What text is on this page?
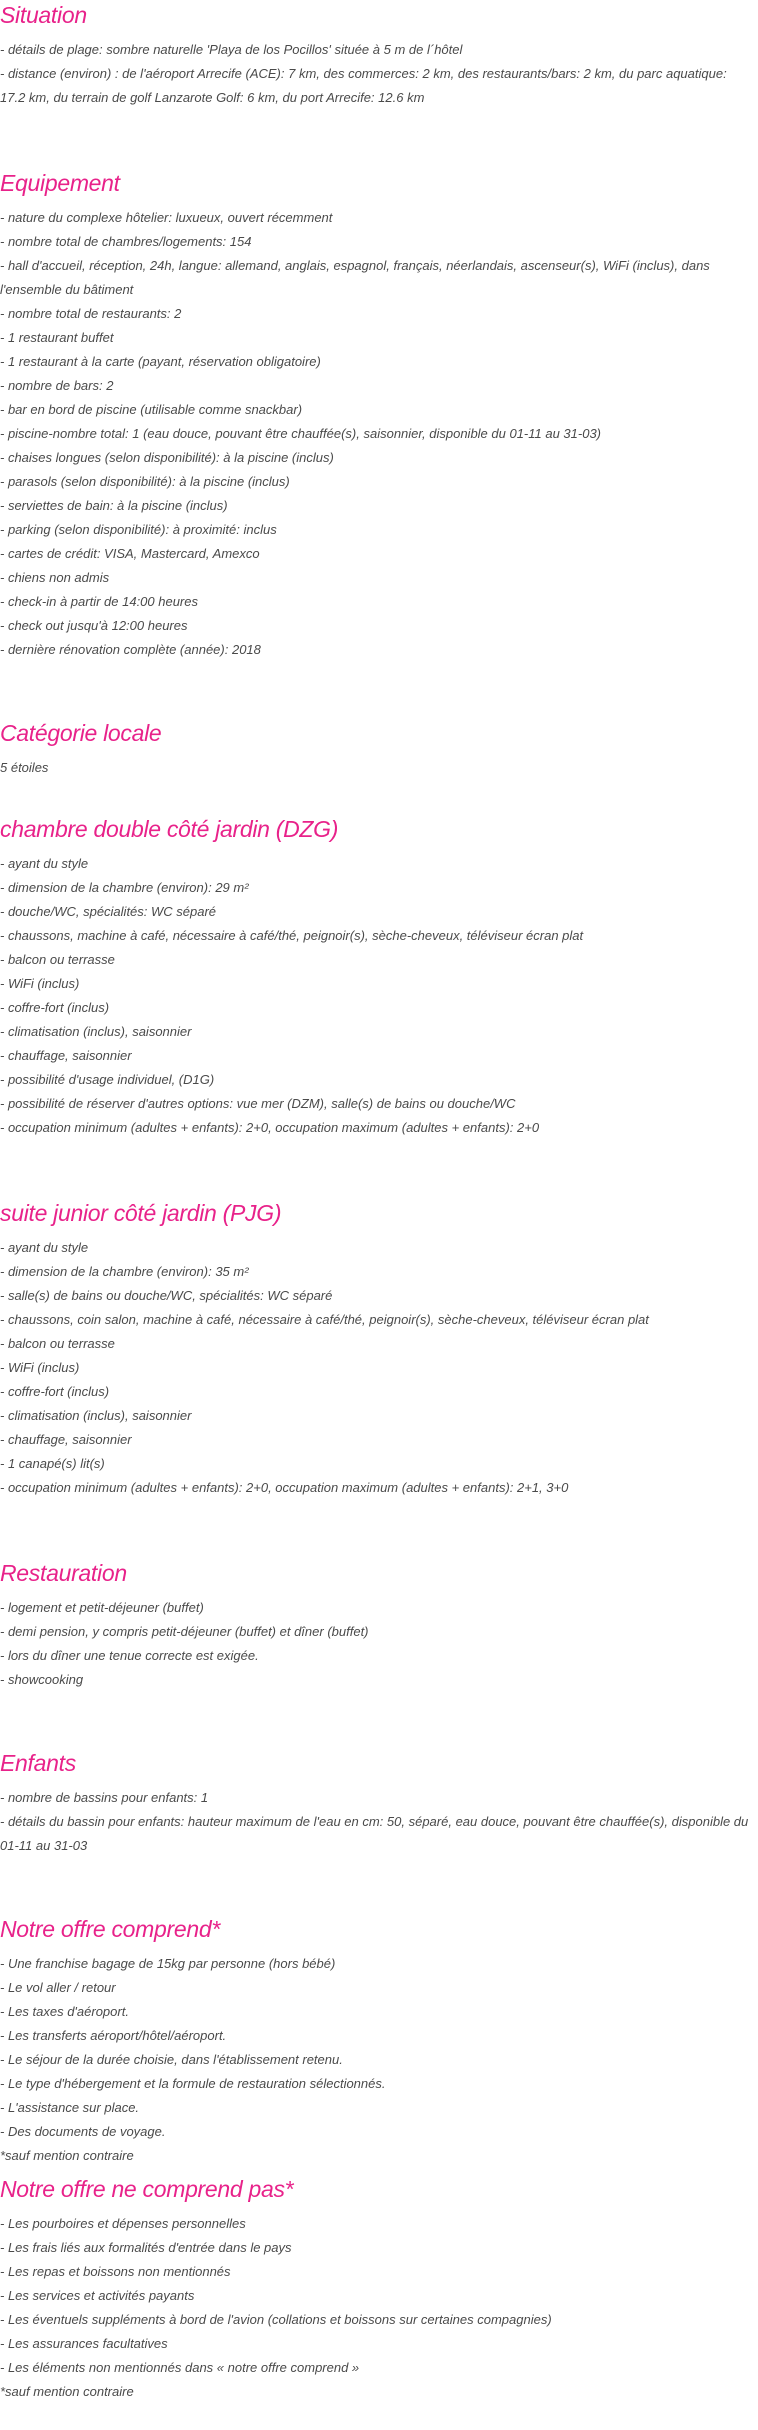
Situation
- détails de plage: sombre naturelle 'Playa de los Pocillos' située à 5 m de l´hôtel
- distance (environ) : de l'aéroport Arrecife (ACE): 7 km, des commerces: 2 km, des restaurants/bars: 2 km, du parc aquatique: 17.2 km, du terrain de golf Lanzarote Golf: 6 km, du port Arrecife: 12.6 km
Equipement
- nature du complexe hôtelier: luxueux, ouvert récemment
- nombre total de chambres/logements: 154
- hall d'accueil, réception, 24h, langue: allemand, anglais, espagnol, français, néerlandais, ascenseur(s), WiFi (inclus), dans l'ensemble du bâtiment
- nombre total de restaurants: 2
- 1 restaurant buffet
- 1 restaurant à la carte (payant, réservation obligatoire)
- nombre de bars: 2
- bar en bord de piscine (utilisable comme snackbar)
- piscine-nombre total: 1 (eau douce, pouvant être chauffée(s), saisonnier, disponible du 01-11 au 31-03)
- chaises longues (selon disponibilité): à la piscine (inclus)
- parasols (selon disponibilité): à la piscine (inclus)
- serviettes de bain: à la piscine (inclus)
- parking (selon disponibilité): à proximité: inclus
- cartes de crédit: VISA, Mastercard, Amexco
- chiens non admis
- check-in à partir de 14:00 heures
- check out jusqu'à 12:00 heures
- dernière rénovation complète (année): 2018
Catégorie locale
5 étoiles
chambre double côté jardin (DZG)
- ayant du style
- dimension de la chambre (environ): 29 m²
- douche/WC, spécialités: WC séparé
- chaussons, machine à café, nécessaire à café/thé, peignoir(s), sèche-cheveux, téléviseur écran plat
- balcon ou terrasse
- WiFi (inclus)
- coffre-fort (inclus)
- climatisation (inclus), saisonnier
- chauffage, saisonnier
- possibilité d'usage individuel, (D1G)
- possibilité de réserver d'autres options: vue mer (DZM), salle(s) de bains ou douche/WC
- occupation minimum (adultes + enfants): 2+0, occupation maximum (adultes + enfants): 2+0
suite junior côté jardin (PJG)
- ayant du style
- dimension de la chambre (environ): 35 m²
- salle(s) de bains ou douche/WC, spécialités: WC séparé
- chaussons, coin salon, machine à café, nécessaire à café/thé, peignoir(s), sèche-cheveux, téléviseur écran plat
- balcon ou terrasse
- WiFi (inclus)
- coffre-fort (inclus)
- climatisation (inclus), saisonnier
- chauffage, saisonnier
- 1 canapé(s) lit(s)
- occupation minimum (adultes + enfants): 2+0, occupation maximum (adultes + enfants): 2+1, 3+0
Restauration
- logement et petit-déjeuner (buffet)
- demi pension, y compris petit-déjeuner (buffet) et dîner (buffet)
- lors du dîner une tenue correcte est exigée.
- showcooking
Enfants
- nombre de bassins pour enfants: 1
- détails du bassin pour enfants: hauteur maximum de l'eau en cm: 50, séparé, eau douce, pouvant être chauffée(s), disponible du 01-11 au 31-03
Notre offre comprend*
- Une franchise bagage de 15kg par personne (hors bébé)
- Le vol aller / retour
- Les taxes d'aéroport.
- Les transferts aéroport/hôtel/aéroport.
- Le séjour de la durée choisie, dans l'établissement retenu.
- Le type d'hébergement et la formule de restauration sélectionnés.
- L'assistance sur place.
- Des documents de voyage.
*sauf mention contraire
Notre offre ne comprend pas*
- Les pourboires et dépenses personnelles
- Les frais liés aux formalités d'entrée dans le pays
- Les repas et boissons non mentionnés
- Les services et activités payants
- Les éventuels suppléments à bord de l'avion (collations et boissons sur certaines compagnies)
- Les assurances facultatives
- Les éléments non mentionnés dans « notre offre comprend »
*sauf mention contraire
